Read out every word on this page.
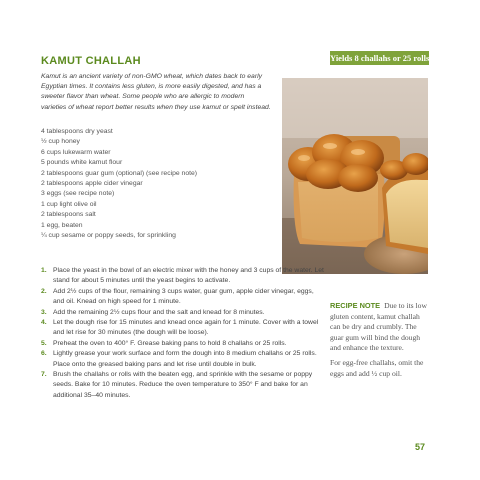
Yields 8 challahs or 25 rolls
KAMUT CHALLAH

Kamut is an ancient variety of non-GMO wheat, which dates back to early Egyptian times. It contains less gluten, is more easily digested, and has a sweeter flavor than wheat. Some people who are allergic to modern varieties of wheat report better results when they use kamut or spelt instead.

4 tablespoons dry yeast
½ cup honey
6 cups lukewarm water
5 pounds white kamut flour
2 tablespoons guar gum (optional) (see recipe note)
2 tablespoons apple cider vinegar
3 eggs (see recipe note)
1 cup light olive oil
2 tablespoons salt
1 egg, beaten
¼ cup sesame or poppy seeds, for sprinkling
1. Place the yeast in the bowl of an electric mixer with the honey and 3 cups of the water. Let stand for about 5 minutes until the yeast begins to activate.
2. Add 2½ cups of the flour, remaining 3 cups water, guar gum, apple cider vinegar, eggs, and oil. Knead on high speed for 1 minute.
3. Add the remaining 2½ cups flour and the salt and knead for 8 minutes.
4. Let the dough rise for 15 minutes and knead once again for 1 minute. Cover with a towel and let rise for 30 minutes (the dough will be loose).
5. Preheat the oven to 400° F. Grease baking pans to hold 8 challahs or 25 rolls.
6. Lightly grease your work surface and form the dough into 8 medium challahs or 25 rolls. Place onto the greased baking pans and let rise until double in bulk.
7. Brush the challahs or rolls with the beaten egg, and sprinkle with the sesame or poppy seeds. Bake for 10 minutes. Reduce the oven temperature to 350° F and bake for an additional 35–40 minutes.

RECIPE NOTE Due to its low gluten content, kamut challah can be dry and crumbly. The guar gum will bind the dough and enhance the texture.

For egg-free challahs, omit the eggs and add ½ cup oil.

57
